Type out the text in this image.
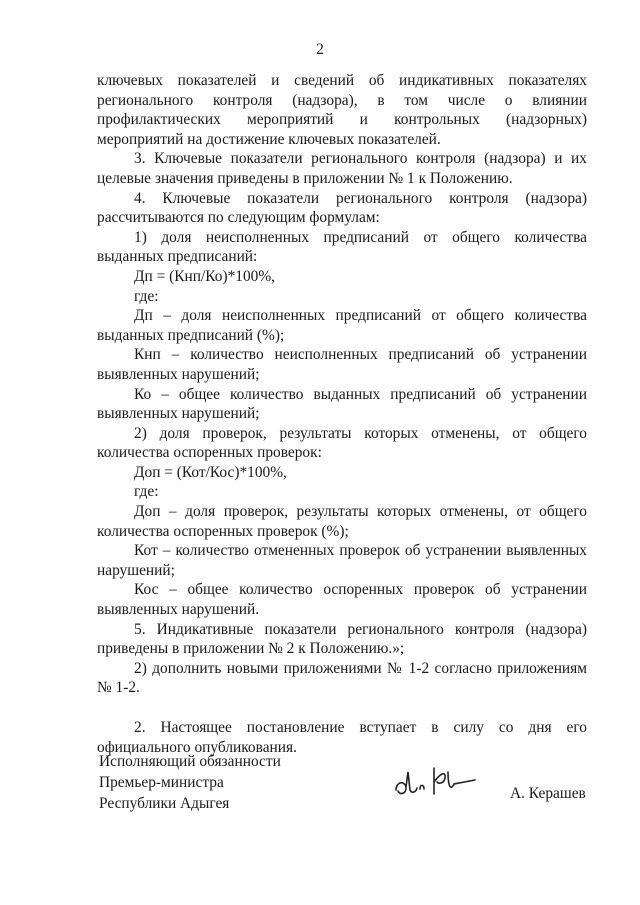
2

ключевых показателей и сведений об индикативных показателях регионального контроля (надзора), в том числе о влиянии профилактических мероприятий и контрольных (надзорных) мероприятий на достижение ключевых показателей.

3. Ключевые показатели регионального контроля (надзора) и их целевые значения приведены в приложении № 1 к Положению.

4. Ключевые показатели регионального контроля (надзора) рассчитываются по следующим формулам:

1) доля неисполненных предписаний от общего количества выданных предписаний:

Дп = (Кнп/Ко)*100%,

где:

Дп – доля неисполненных предписаний от общего количества выданных предписаний (%);

Кнп – количество неисполненных предписаний об устранении выявленных нарушений;

Ко – общее количество выданных предписаний об устранении выявленных нарушений;

2) доля проверок, результаты которых отменены, от общего количества оспоренных проверок:

Доп = (Кот/Кос)*100%,

где:

Доп – доля проверок, результаты которых отменены, от общего количества оспоренных проверок (%);

Кот – количество отмененных проверок об устранении выявленных нарушений;

Кос – общее количество оспоренных проверок об устранении выявленных нарушений.

5. Индикативные показатели регионального контроля (надзора) приведены в приложении № 2 к Положению.»;

2) дополнить новыми приложениями № 1-2 согласно приложениям № 1-2.

2. Настоящее постановление вступает в силу со дня его официального опубликования.

Исполняющий обязанности
Премьер-министра
Республики Адыгея
А. Керашев
